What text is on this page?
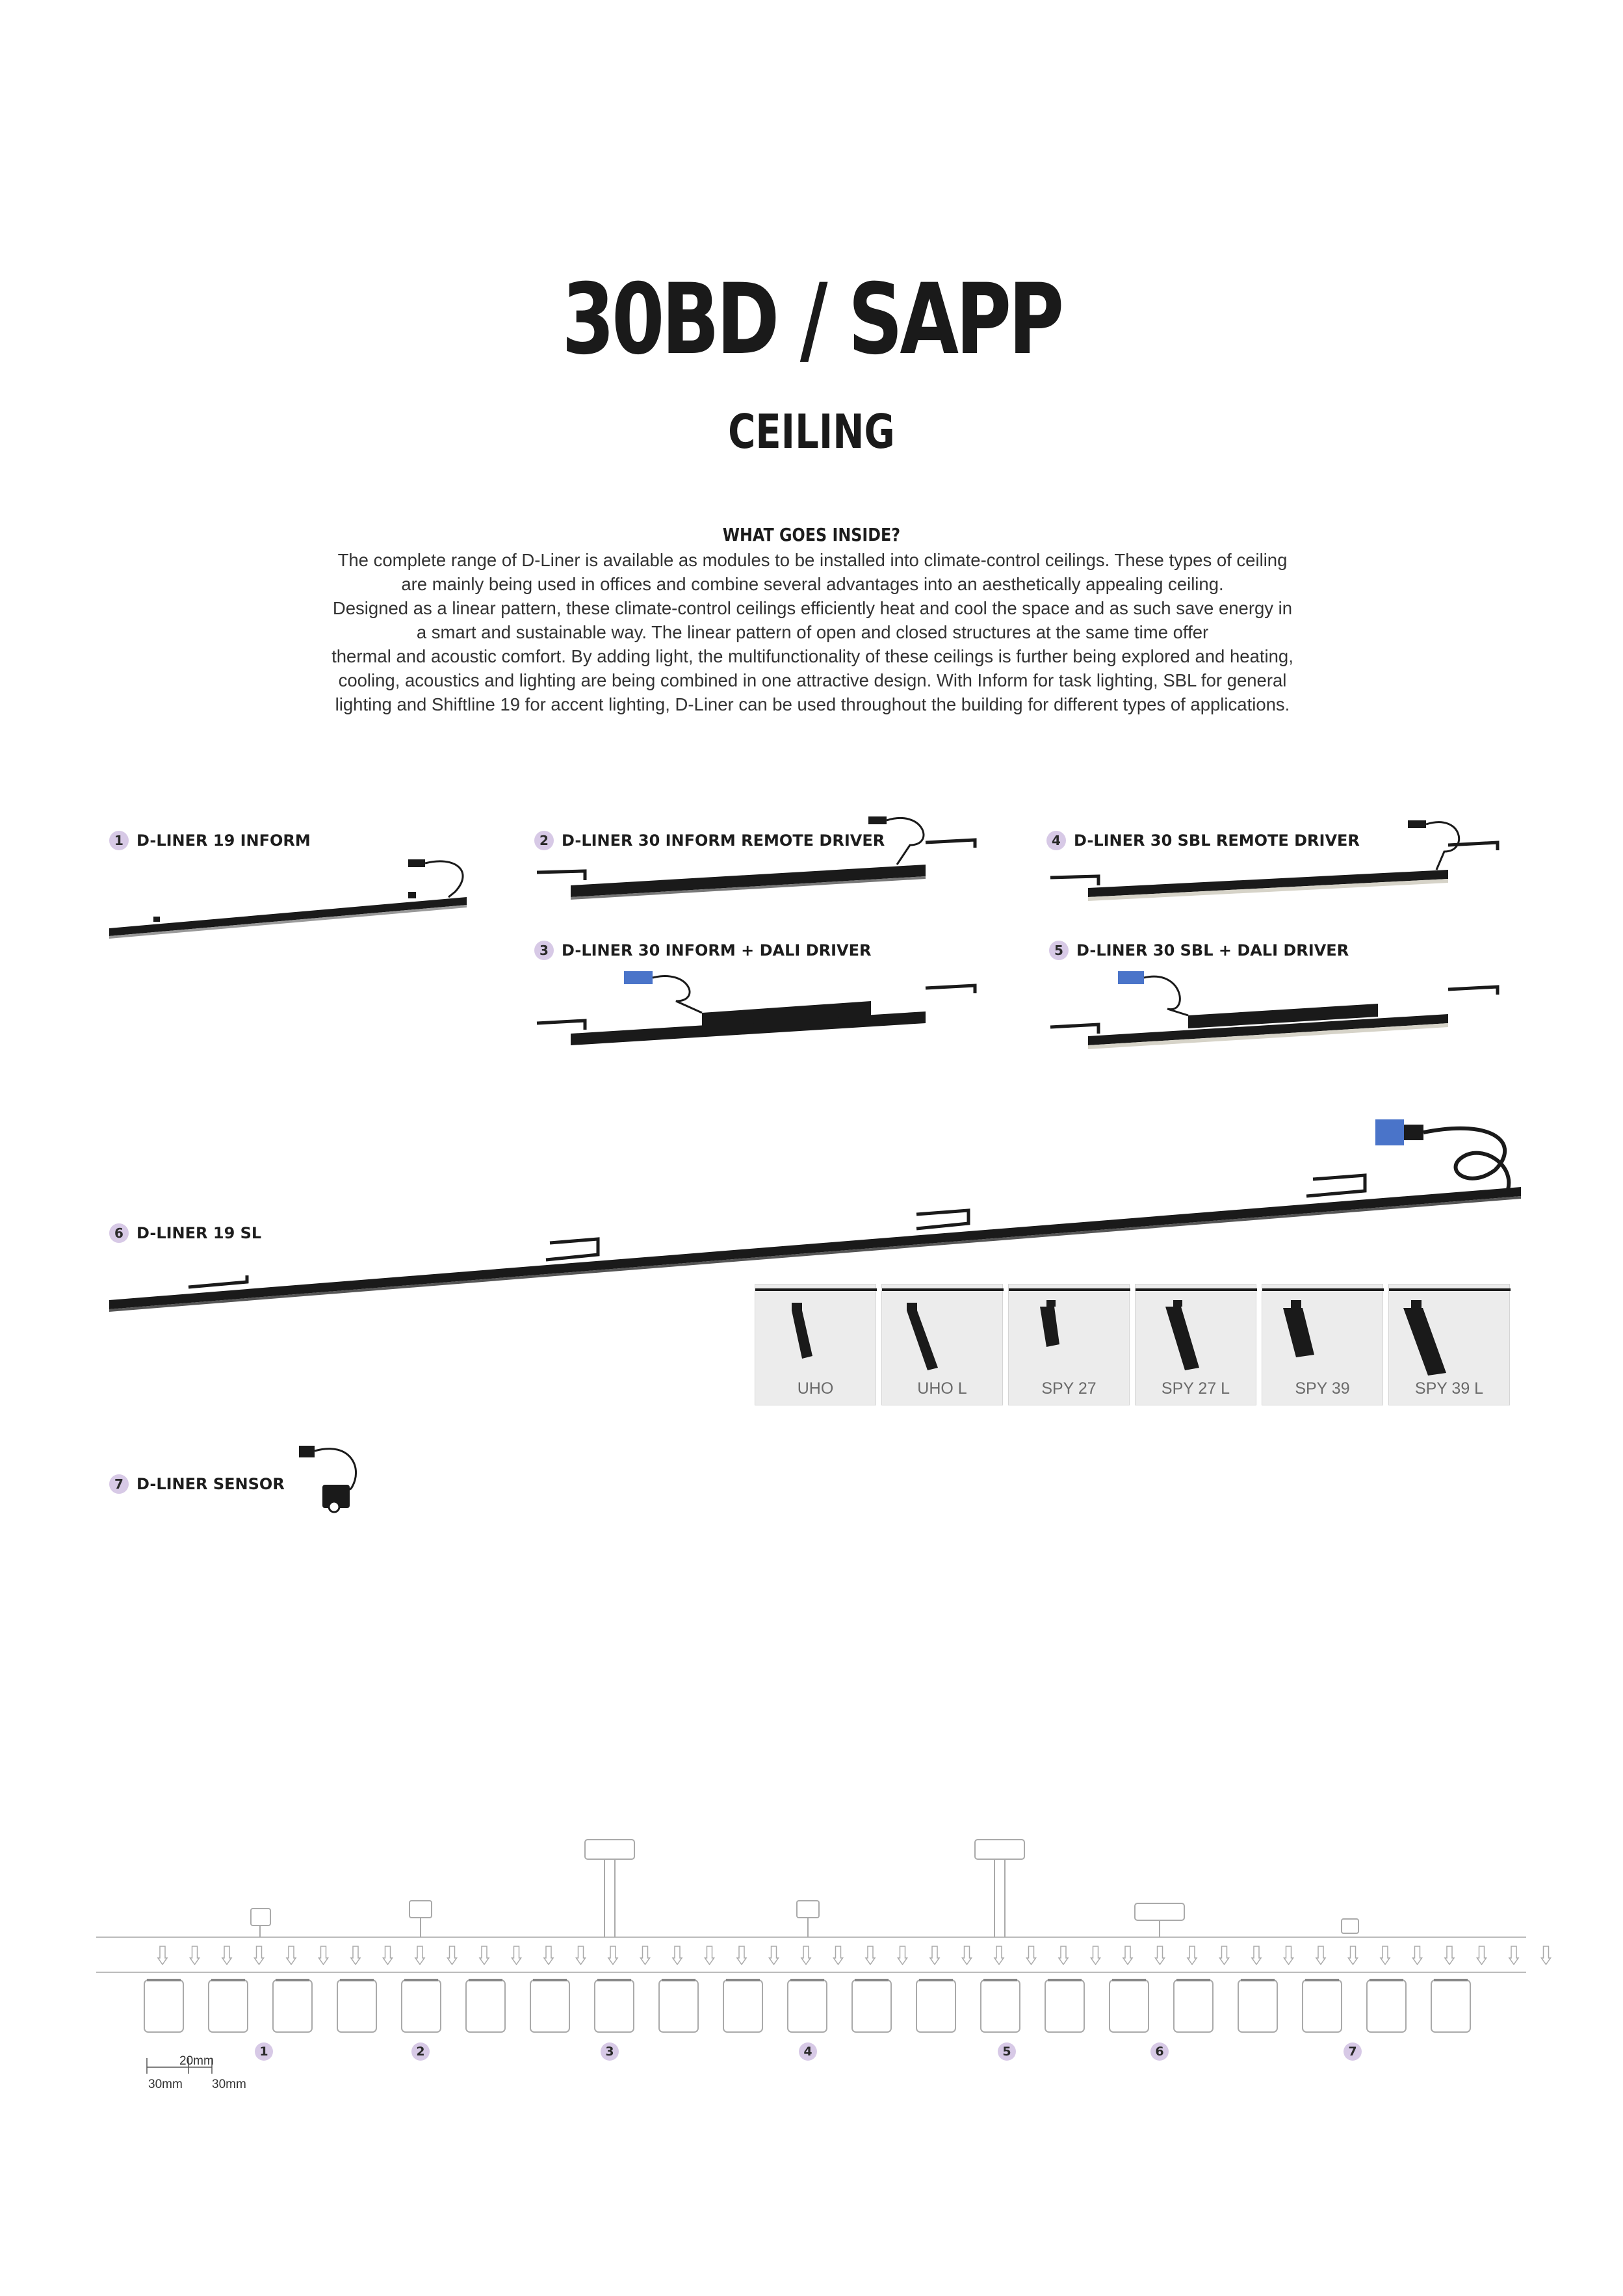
30BD / SAPP
CEILING
WHAT GOES INSIDE?
The complete range of D-Liner is available as modules to be installed into climate-control ceilings. These types of ceiling
are mainly being used in offices and combine several advantages into an aesthetically appealing ceiling.
Designed as a linear pattern, these climate-control ceilings efficiently heat and cool the space and as such save energy in
a smart and sustainable way. The linear pattern of open and closed structures at the same time offer
thermal and acoustic comfort. By adding light, the multifunctionality of these ceilings is further being explored and heating,
cooling, acoustics and lighting are being combined in one attractive design. With Inform for task lighting, SBL for general
lighting and Shiftline 19 for accent lighting, D-Liner can be used throughout the building for different types of applications.
1 D-LINER 19 INFORM	2 D-LINER 30 INFORM REMOTE DRIVER
3 D-LINER 30 INFORM + DALI DRIVER
4 D-LINER 30 SBL REMOTE DRIVER
5 D-LINER 30 SBL + DALI DRIVER
6 D-LINER 19 SL
7 D-LINER SENSOR
UHO	UHO L	SPY 27	SPY 27 L	SPY 39	SPY 39 L
20mm
30mm 30mm
1	2	3	4	5	6	7
